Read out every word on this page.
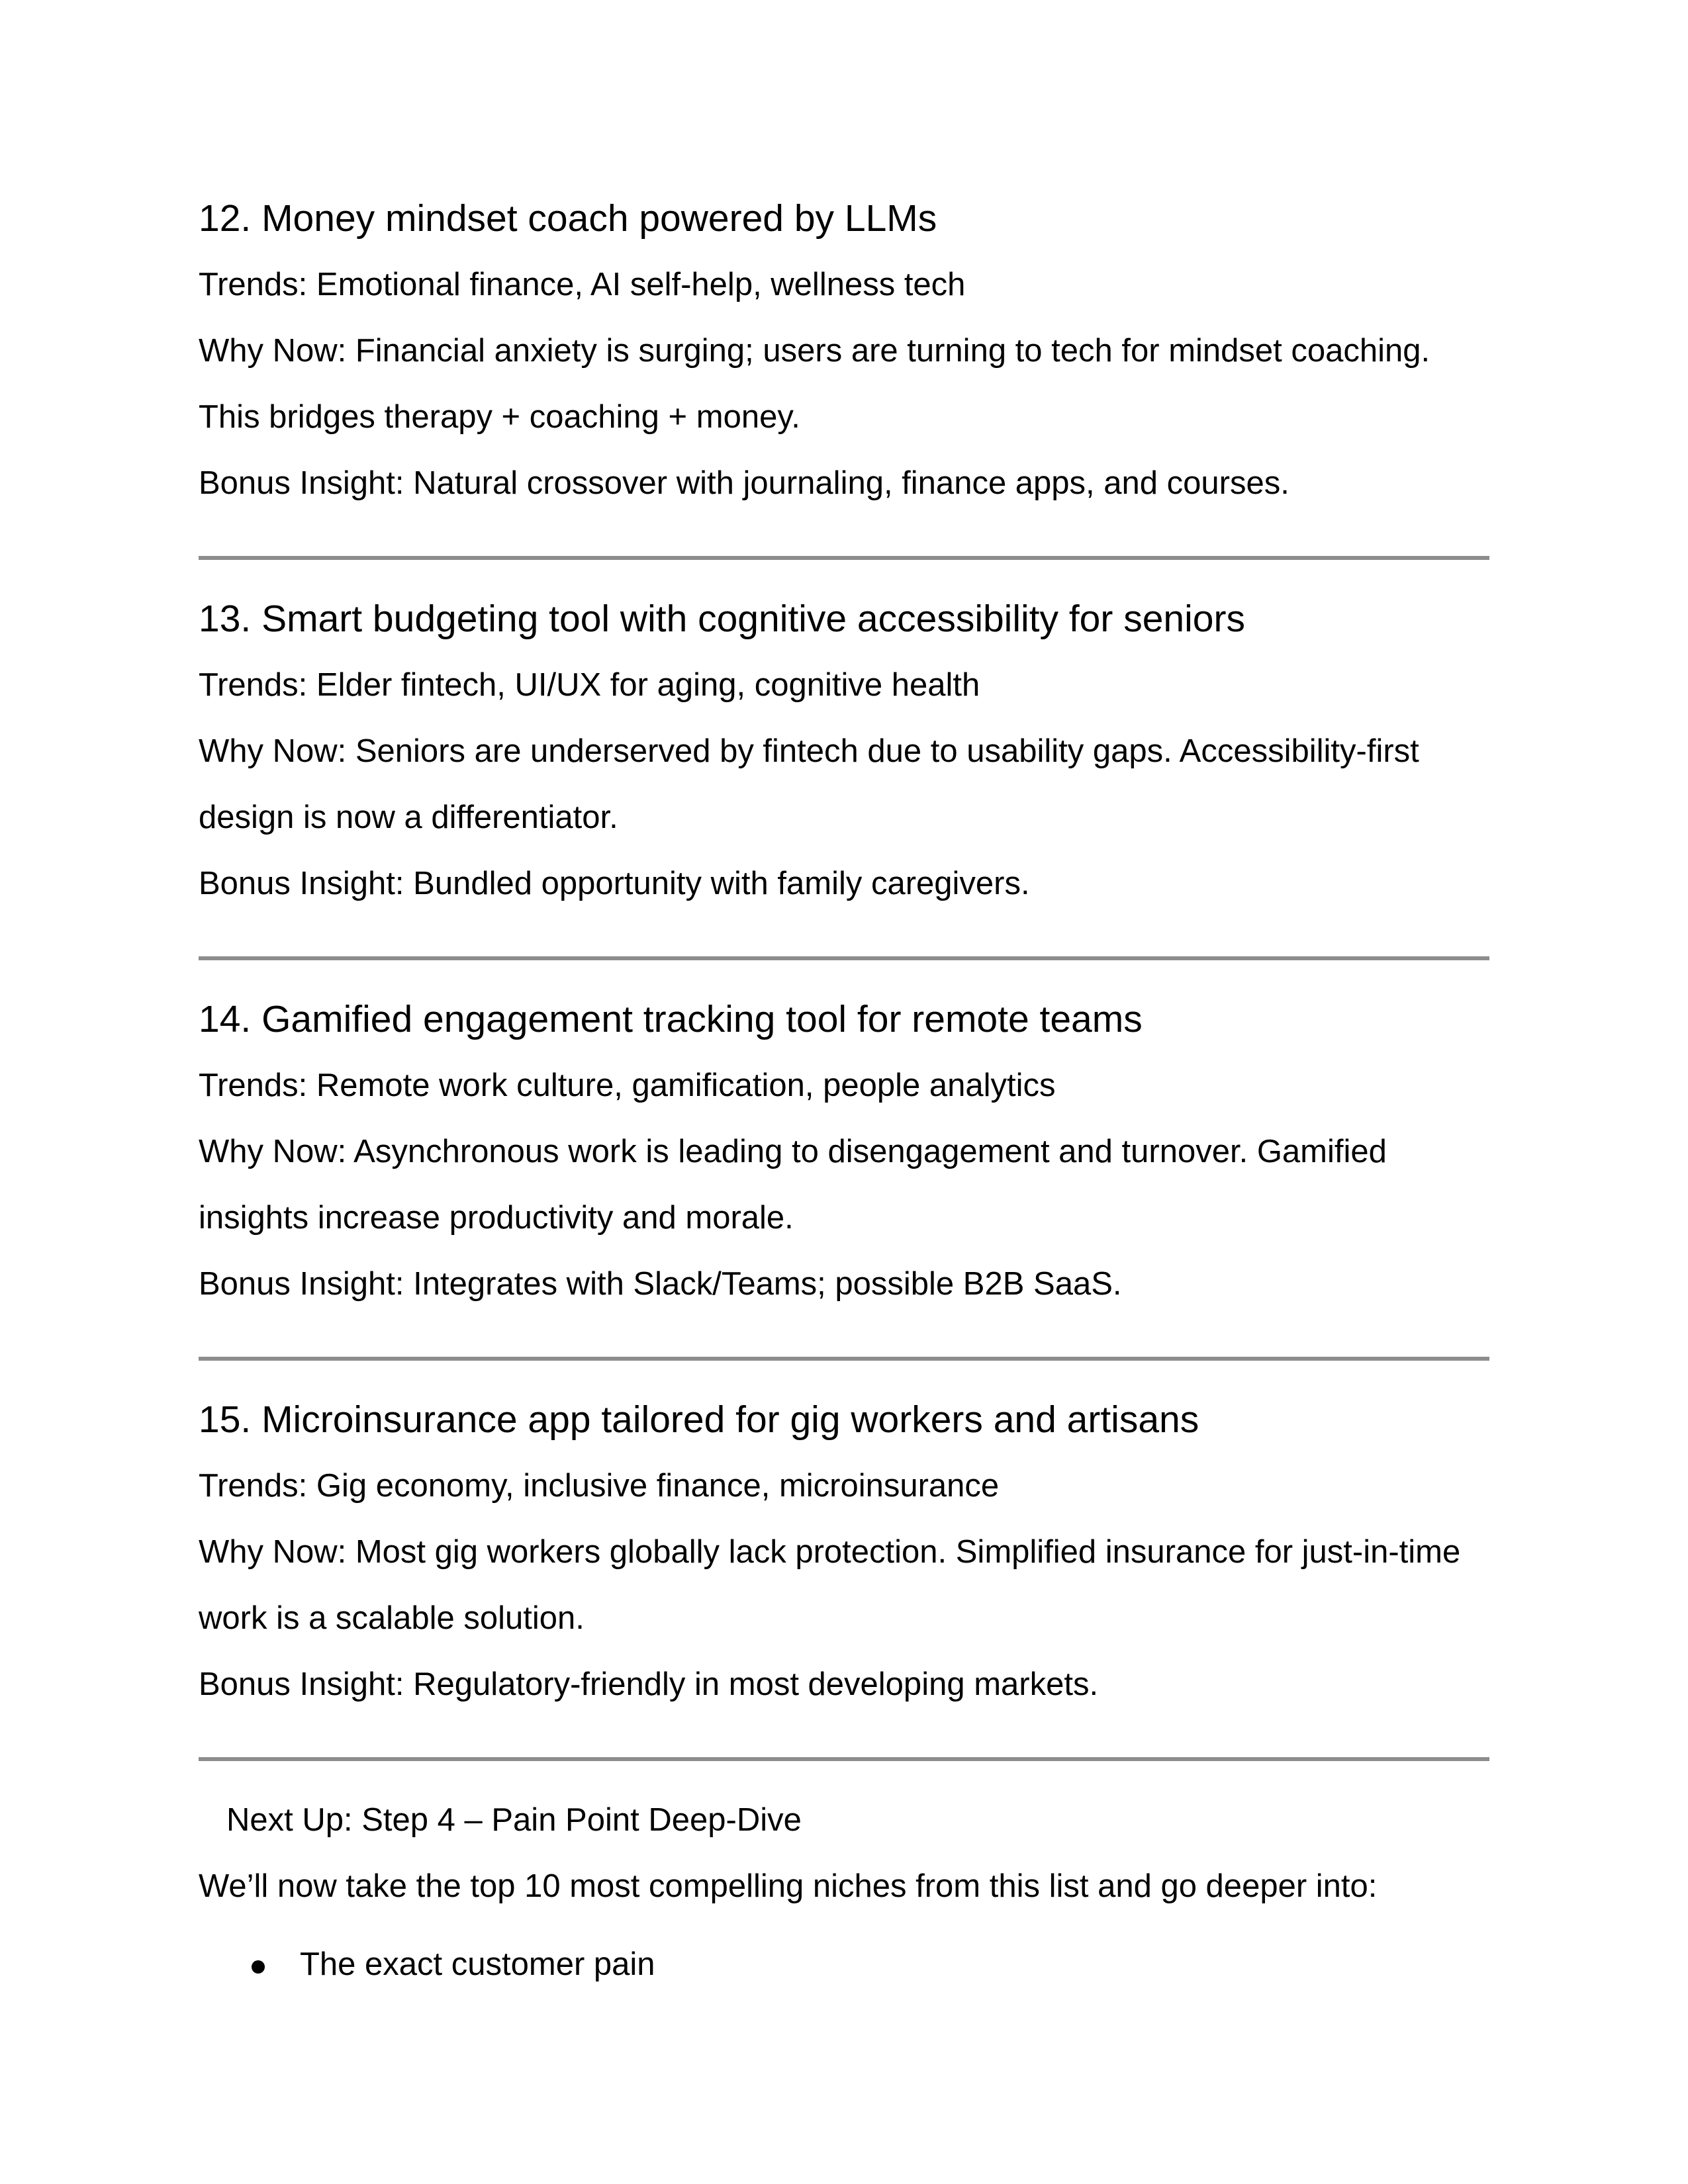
12. Money mindset coach powered by LLMs
Trends: Emotional finance, AI self-help, wellness tech
Why Now: Financial anxiety is surging; users are turning to tech for mindset coaching.
This bridges therapy + coaching + money.
Bonus Insight: Natural crossover with journaling, finance apps, and courses.
13. Smart budgeting tool with cognitive accessibility for seniors
Trends: Elder fintech, UI/UX for aging, cognitive health
Why Now: Seniors are underserved by fintech due to usability gaps. Accessibility-first
design is now a differentiator.
Bonus Insight: Bundled opportunity with family caregivers.
14. Gamified engagement tracking tool for remote teams
Trends: Remote work culture, gamification, people analytics
Why Now: Asynchronous work is leading to disengagement and turnover. Gamified
insights increase productivity and morale.
Bonus Insight: Integrates with Slack/Teams; possible B2B SaaS.
15. Microinsurance app tailored for gig workers and artisans
Trends: Gig economy, inclusive finance, microinsurance
Why Now: Most gig workers globally lack protection. Simplified insurance for just-in-time
work is a scalable solution.
Bonus Insight: Regulatory-friendly in most developing markets.
Next Up: Step 4 – Pain Point Deep-Dive
We’ll now take the top 10 most compelling niches from this list and go deeper into:
The exact customer pain
